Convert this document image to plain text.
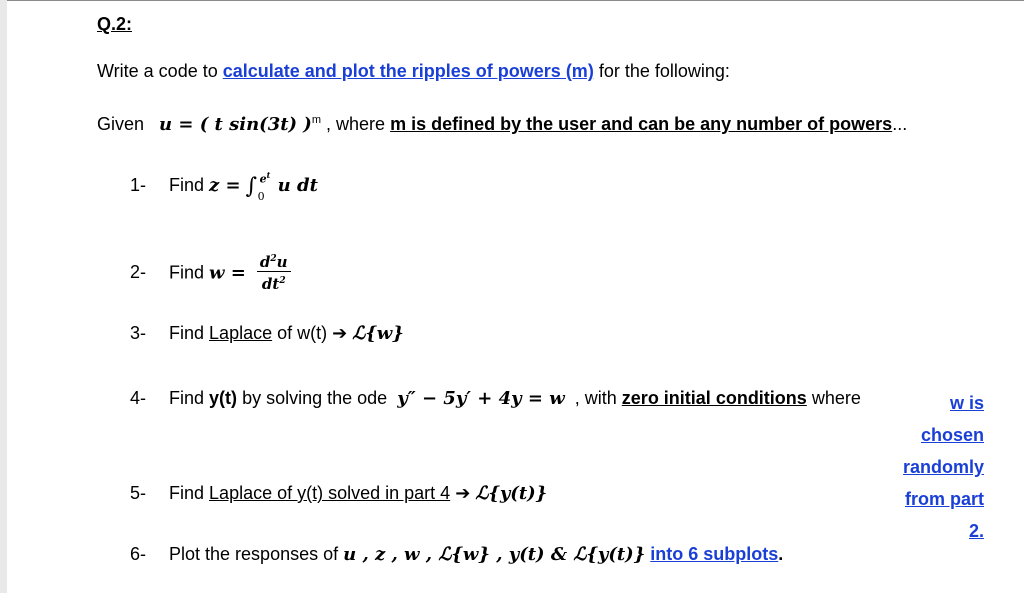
Q.2:
Write a code to calculate and plot the ripples of powers (m) for the following:
Given u = ( t sin(3t) )$^m$ , where m is defined by the user and can be any number of powers...
1- Find z = ∫ $e^t$
0
u dt
2- Find $w = \frac{d^2u}{dt^2}$
3- Find Laplace of w(t) ➔ ℒ{w}
4- Find y(t) by solving the ode y″ − 5y′ + 4y = w , with zero initial conditions where	w is chosen randomly from part 2.
5- Find Laplace of y(t) solved in part 4 ➔ ℒ{y(t)}
6- Plot the responses of u , z , w , ℒ{w} , y(t) & ℒ{y(t)} into 6 subplots.
